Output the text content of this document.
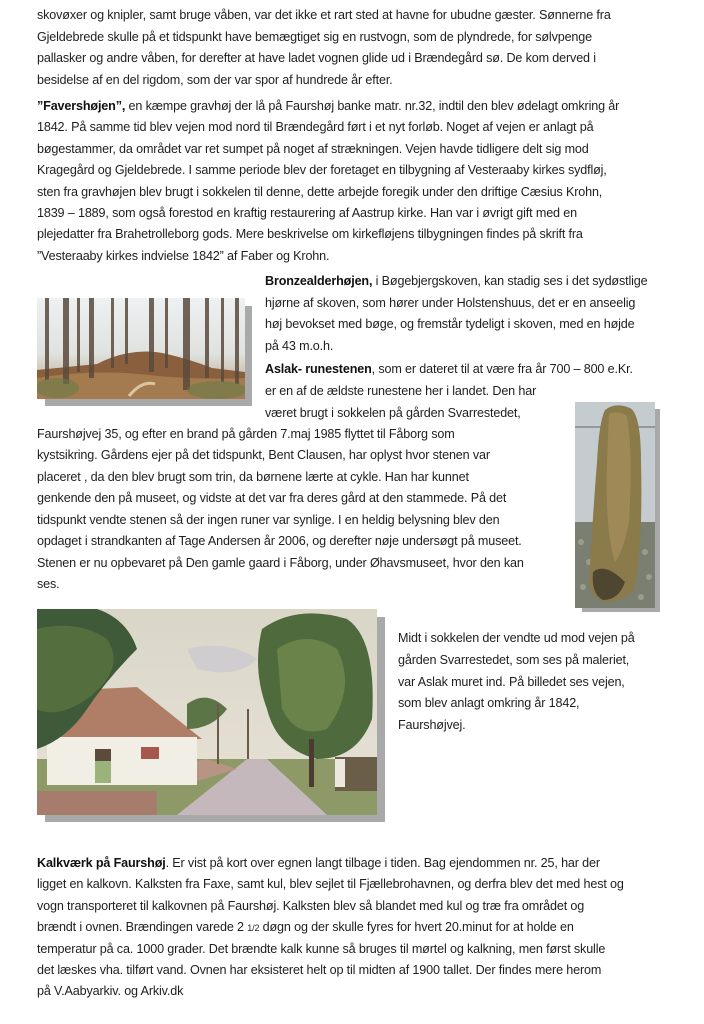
skovøxer og knipler, samt bruge våben, var det ikke et rart sted at havne for ubudne gæster. Sønnerne fra
Gjeldebrede skulle på et tidspunkt have bemægtiget sig en rustvogn, som de plyndrede, for sølvpenge
pallasker og andre våben, for derefter at have ladet vognen glide ud i Brændegård sø. De kom derved i
besidelse af en del rigdom, som der var spor af hundrede år efter.
”Favershøjen”, en kæmpe gravhøj der lå på Faurshøj banke matr. nr.32, indtil den blev ødelagt omkring år
1842. På samme tid blev vejen mod nord til Brændegård ført i et nyt forløb. Noget af vejen er anlagt på
bøgestammer, da området var ret sumpet på noget af strækningen. Vejen havde tidligere delt sig mod
Kragegård og Gjeldebrede. I samme periode blev der foretaget en tilbygning af Vesteraaby kirkes sydfløj,
sten fra gravhøjen blev brugt i sokkelen til denne, dette arbejde foregik under den driftige Cæsius Krohn,
1839 – 1889, som også forestod en kraftig restaurering af Aastrup kirke. Han var i øvrigt gift med en
plejedatter fra Brahetrolleborg gods. Mere beskrivelse om kirkefløjens tilbygningen findes på skrift fra
”Vesteraaby kirkes indvielse 1842” af Faber og Krohn.
Bronzealderhøjen, i Bøgebjergskoven, kan stadig ses i det sydøstlige
hjørne af skoven, som hører under Holstenshuus, det er en anseelig
høj bevokset med bøge, og fremstår tydeligt i skoven, med en højde
på 43 m.o.h.
Aslak- runestenen, som er dateret til at være fra år 700 – 800 e.Kr.
er en af de ældste runestene her i landet. Den har
været brugt i sokkelen på gården Svarrestedet,
Faurshøjvej 35, og efter en brand på gården 7.maj 1985 flyttet til Fåborg som
kystsikring. Gårdens ejer på det tidspunkt, Bent Clausen, har oplyst hvor stenen var
placeret , da den blev brugt som trin, da børnene lærte at cykle. Han har kunnet
genkende den på museet, og vidste at det var fra deres gård at den stammede. På det
tidspunkt vendte stenen så der ingen runer var synlige. I en heldig belysning blev den
opdaget i strandkanten af Tage Andersen år 2006, og derefter nøje undersøgt på museet.
Stenen er nu opbevaret på Den gamle gaard i Fåborg, under Øhavsmuseet, hvor den kan
ses.
Midt i sokkelen der vendte ud mod vejen på
gården Svarrestedet, som ses på maleriet,
var Aslak muret ind. På billedet ses vejen,
som blev anlagt omkring år 1842,
Faurshøjvej.
Kalkværk på Faurshøj. Er vist på kort over egnen langt tilbage i tiden. Bag ejendommen nr. 25, har der
ligget en kalkovn. Kalksten fra Faxe, samt kul, blev sejlet til Fjællebrohavnen, og derfra blev det med hest og
vogn transporteret til kalkovnen på Faurshøj. Kalksten blev så blandet med kul og træ fra området og
brændt i ovnen. Brændingen varede 2 1/2 døgn og der skulle fyres for hvert 20.minut for at holde en
temperatur på ca. 1000 grader. Det brændte kalk kunne så bruges til mørtel og kalkning, men først skulle
det læskes vha. tilført vand. Ovnen har eksisteret helt op til midten af 1900 tallet. Der findes mere herom
på V.Aabyarkiv. og Arkiv.dk
